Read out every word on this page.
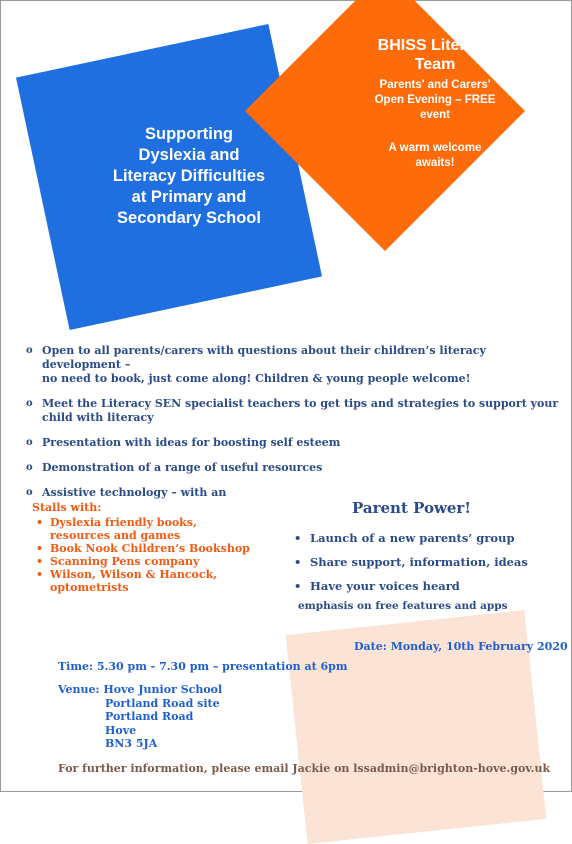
Supporting
Dyslexia and
Literacy Difficulties
at Primary and
Secondary School
BHISS Literacy
Team
Parents' and Carers'
Open Evening – FREE
event
A warm welcome
awaits!
o Open to all parents/carers with questions about their children’s literacy development –
no need to book, just come along! Children & young people welcome!
o Meet the Literacy SEN specialist teachers to get tips and strategies to support your
child with literacy
o Presentation with ideas for boosting self esteem
o Demonstration of a range of useful resources
o Assistive technology – with an
Stalls with:
• Dyslexia friendly books,
resources and games
• Book Nook Children’s Bookshop
• Scanning Pens company
• Wilson, Wilson & Hancock,
optometrists
Parent Power!
• Launch of a new parents’ group
• Share support, information, ideas
• Have your voices heard
emphasis on free features and apps
Date: Monday, 10th February 2020
Time: 5.30 pm - 7.30 pm – presentation at 6pm
Venue: Hove Junior School
Portland Road site
Portland Road
Hove
BN3 5JA
For further information, please email Jackie on lssadmin@brighton-hove.gov.uk
